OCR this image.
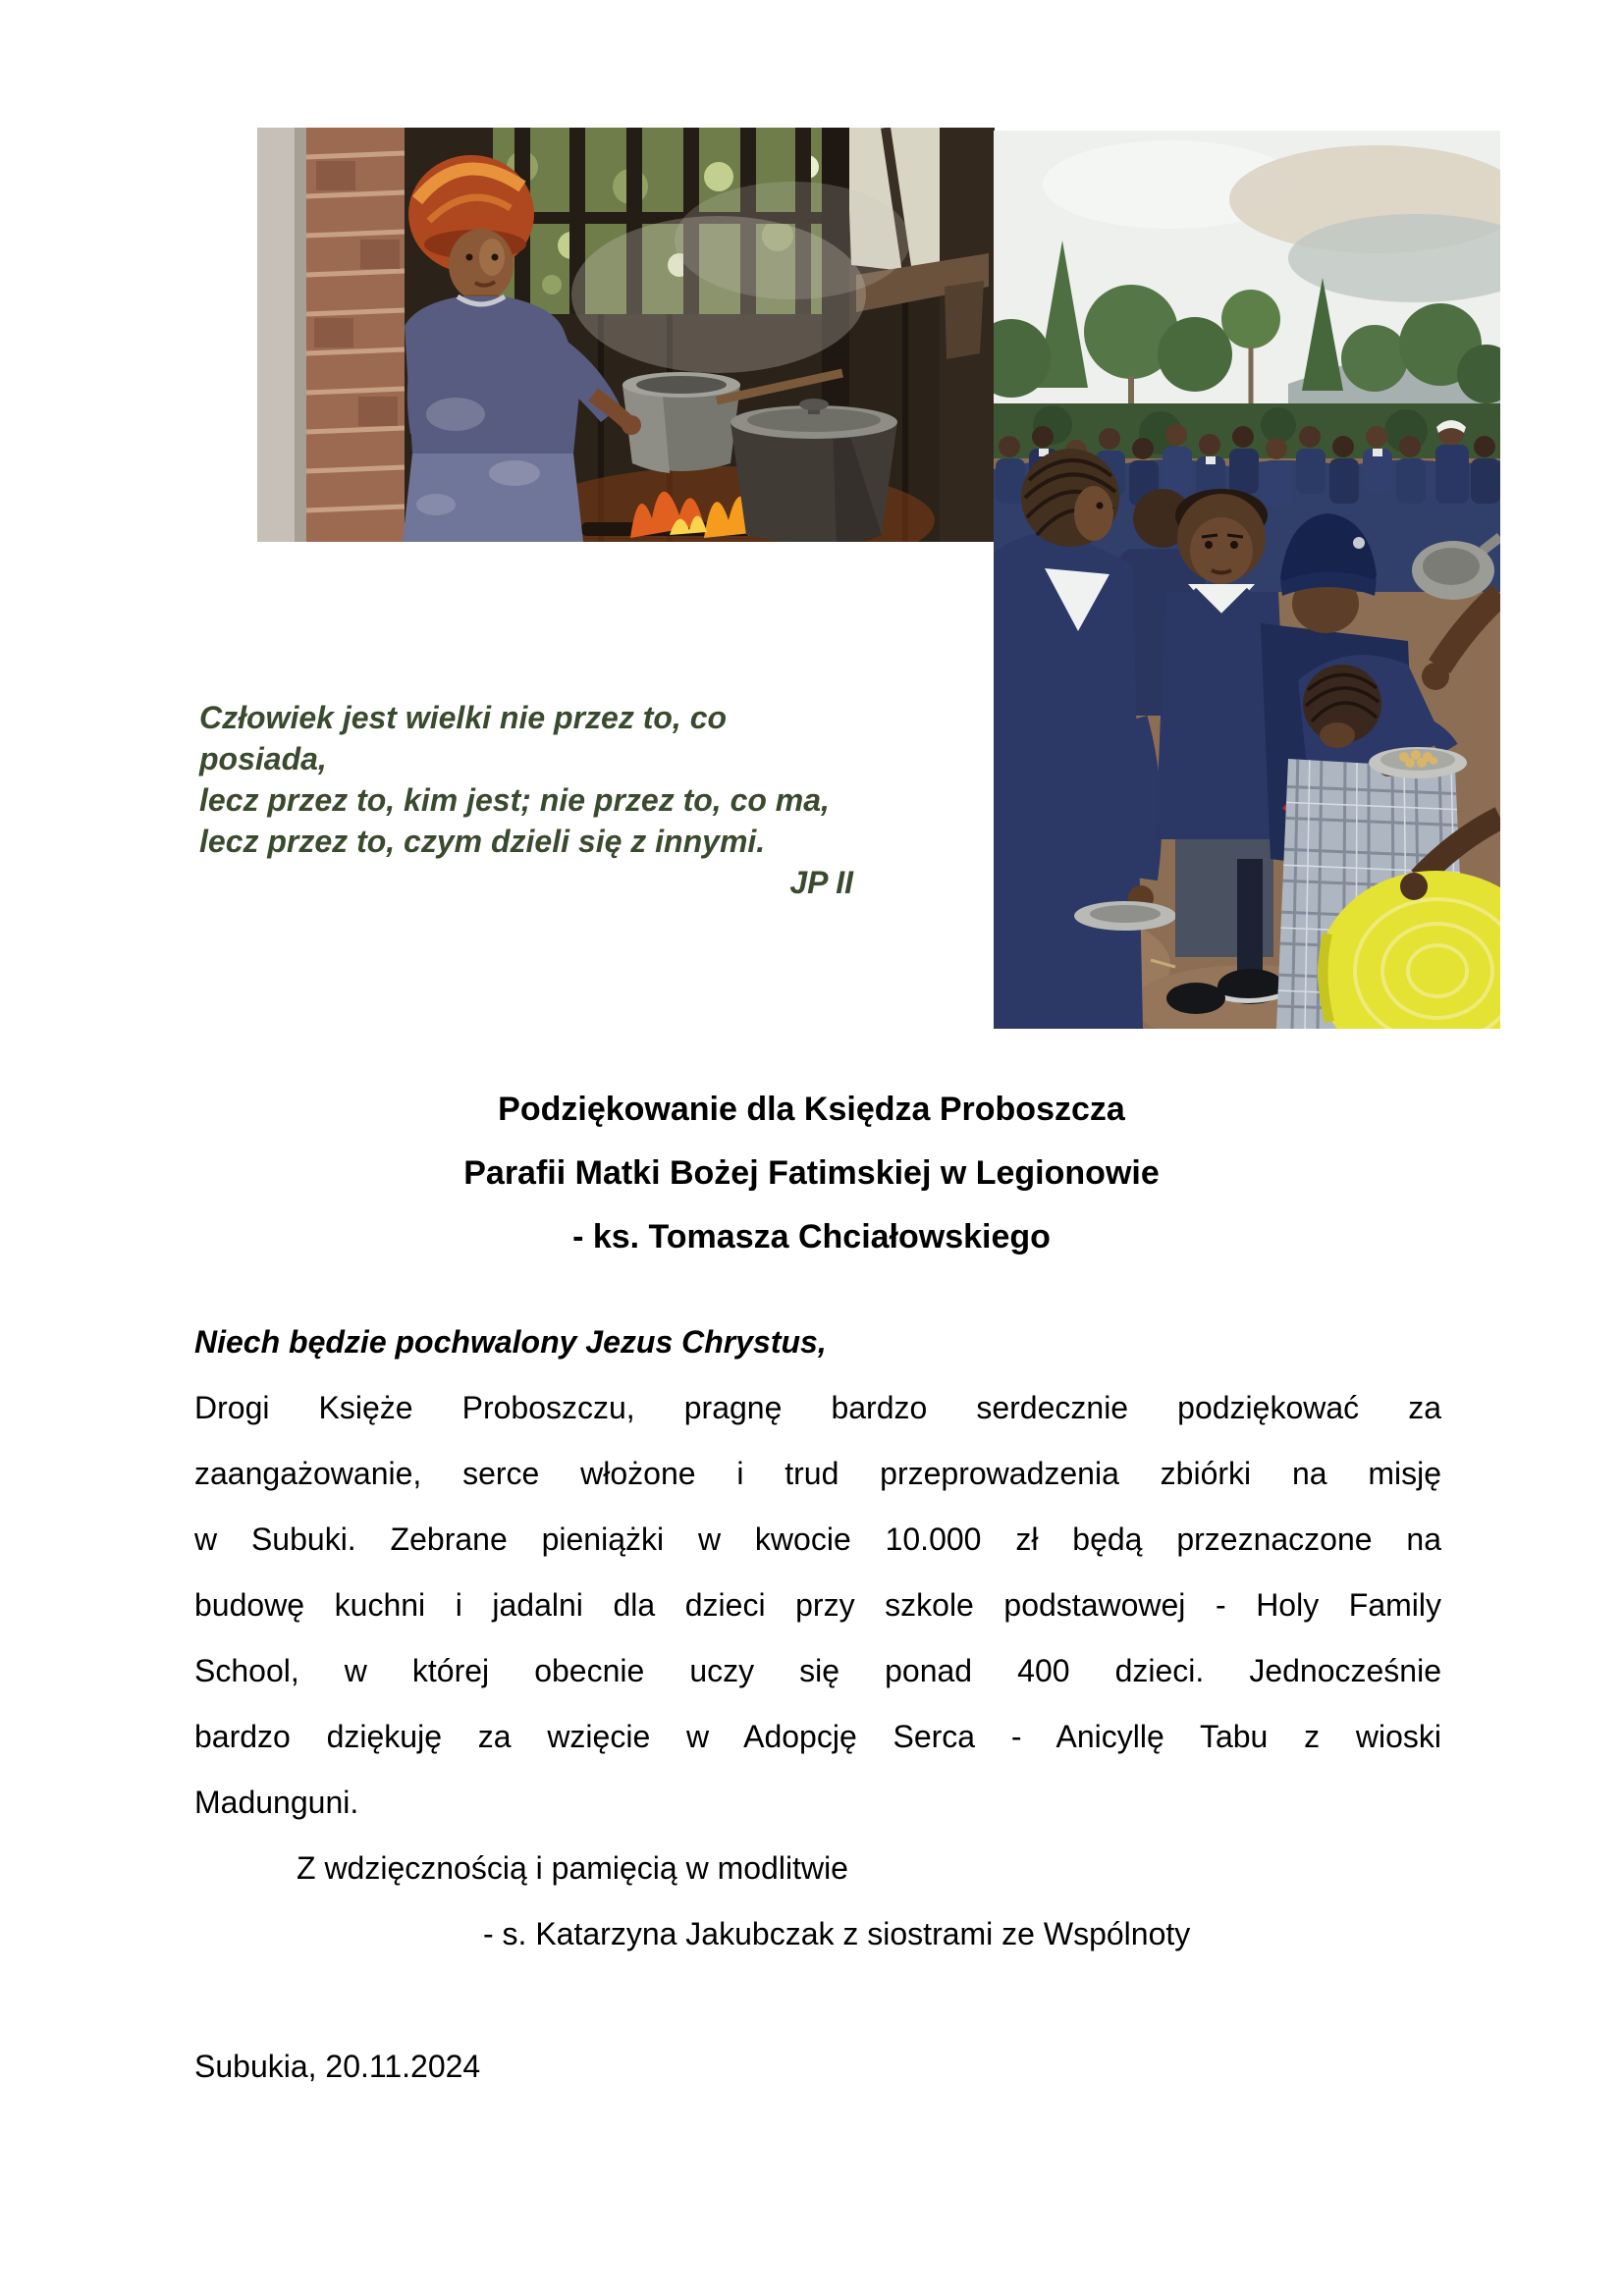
Człowiek jest wielki nie przez to, co posiada,
lecz przez to, kim jest; nie przez to, co ma,
lecz przez to, czym dzieli się z innymi.
JP II
Podziękowanie dla Księdza Proboszcza
Parafii Matki Bożej Fatimskiej w Legionowie
- ks. Tomasza Chciałowskiego
Niech będzie pochwalony Jezus Chrystus,
Drogi Księże Proboszczu, pragnę bardzo serdecznie podziękować za
zaangażowanie, serce włożone i trud przeprowadzenia zbiórki na misję
w Subuki. Zebrane pieniążki w kwocie 10.000 zł będą przeznaczone na
budowę kuchni i jadalni dla dzieci przy szkole podstawowej - Holy Family
School, w której obecnie uczy się ponad 400 dzieci. Jednocześnie
bardzo dziękuję za wzięcie w Adopcję Serca - Anicyllę Tabu z wioski
Madunguni.
Z wdzięcznością i pamięcią w modlitwie
- s. Katarzyna Jakubczak z siostrami ze Wspólnoty
Subukia, 20.11.2024
